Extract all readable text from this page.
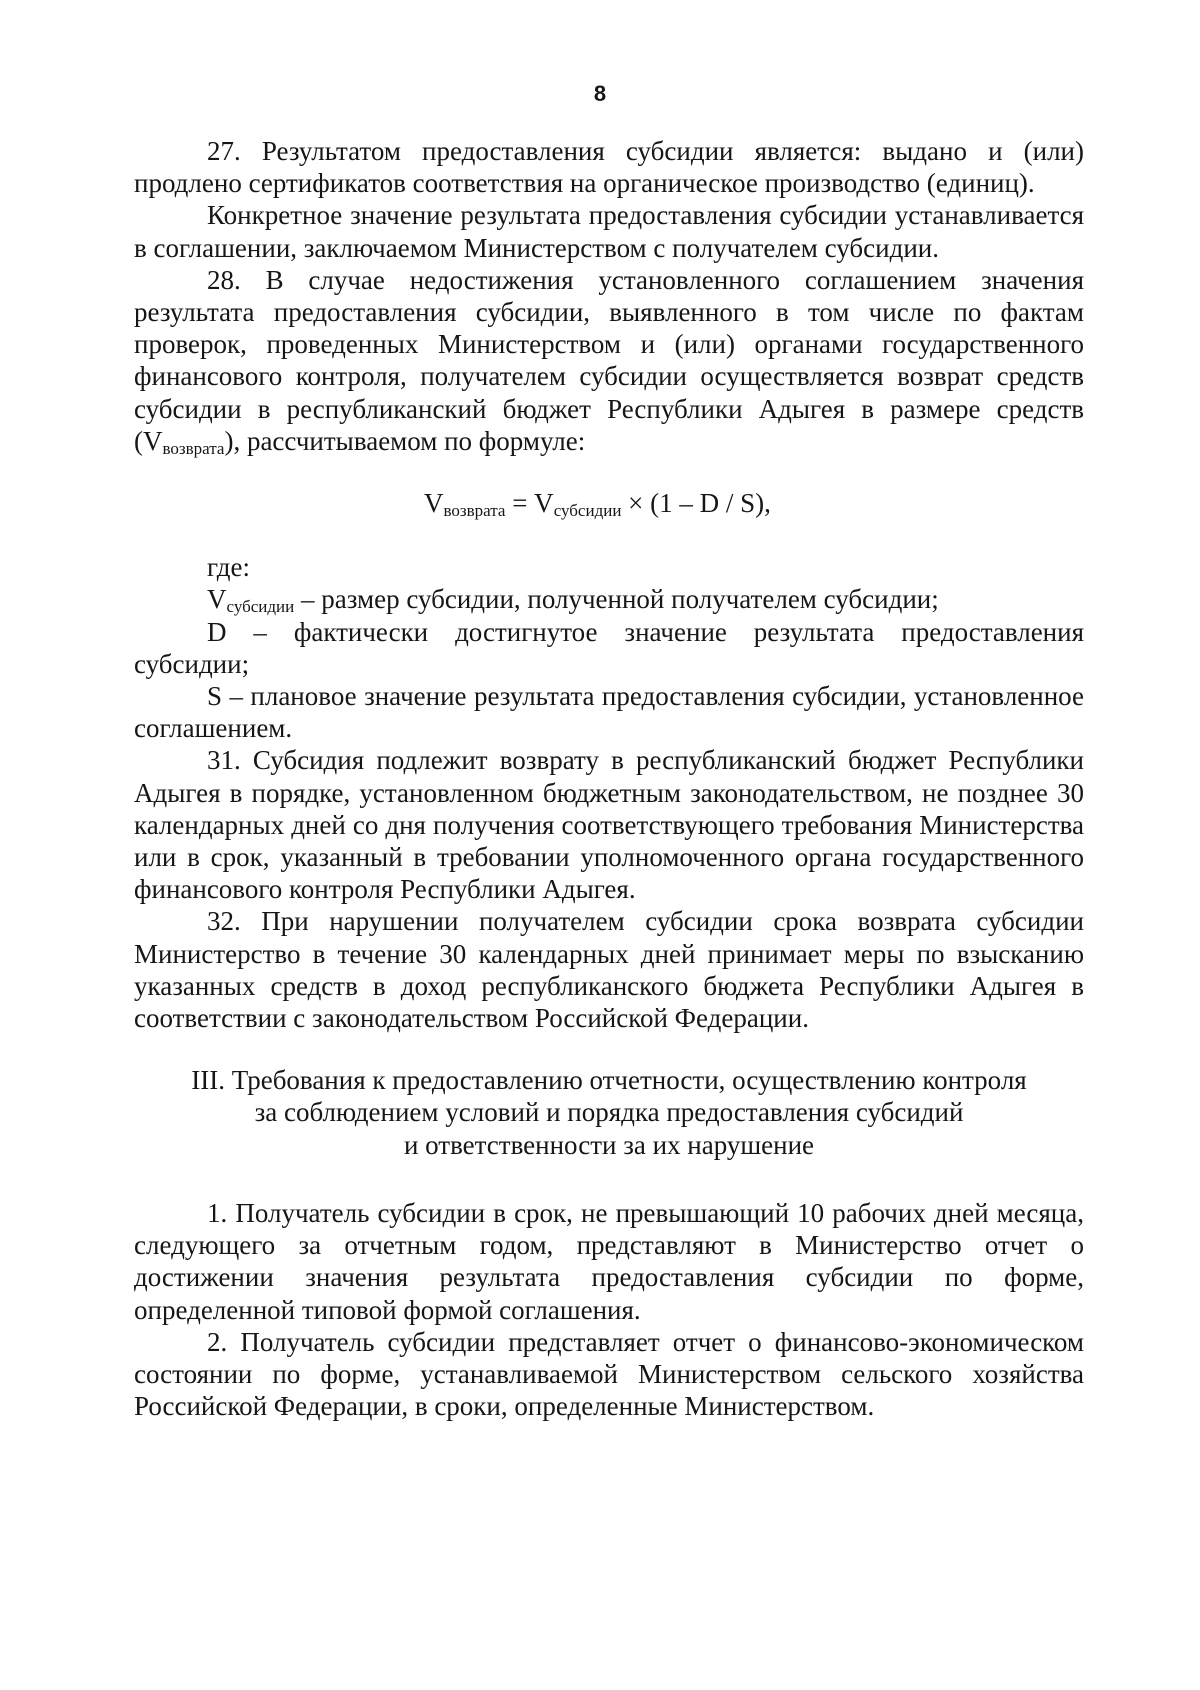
8

27. Результатом предоставления субсидии является: выдано и (или) продлено сертификатов соответствия на органическое производство (единиц).

Конкретное значение результата предоставления субсидии устанавливается в соглашении, заключаемом Министерством с получателем субсидии.

28. В случае недостижения установленного соглашением значения результата предоставления субсидии, выявленного в том числе по фактам проверок, проведенных Министерством и (или) органами государственного финансового контроля, получателем субсидии осуществляется возврат средств субсидии в республиканский бюджет Республики Адыгея в размере средств $(V_{возврата})$, рассчитываемом по формуле:

$V_{возврата} = V_{субсидии} \times (1 - D / S)$,

где:

$V_{субсидии}$ – размер субсидии, полученной получателем субсидии;

D – фактически достигнутое значение результата предоставления субсидии;

S – плановое значение результата предоставления субсидии, установленное соглашением.

31. Субсидия подлежит возврату в республиканский бюджет Республики Адыгея в порядке, установленном бюджетным законодательством, не позднее 30 календарных дней со дня получения соответствующего требования Министерства или в срок, указанный в требовании уполномоченного органа государственного финансового контроля Республики Адыгея.

32. При нарушении получателем субсидии срока возврата субсидии Министерство в течение 30 календарных дней принимает меры по взысканию указанных средств в доход республиканского бюджета Республики Адыгея в соответствии с законодательством Российской Федерации.

III. Требования к предоставлению отчетности, осуществлению контроля
за соблюдением условий и порядка предоставления субсидий
и ответственности за их нарушение

1. Получатель субсидии в срок, не превышающий 10 рабочих дней месяца, следующего за отчетным годом, представляют в Министерство отчет о достижении значения результата предоставления субсидии по форме, определенной типовой формой соглашения.

2. Получатель субсидии представляет отчет о финансово-экономическом состоянии по форме, устанавливаемой Министерством сельского хозяйства Российской Федерации, в сроки, определенные Министерством.
